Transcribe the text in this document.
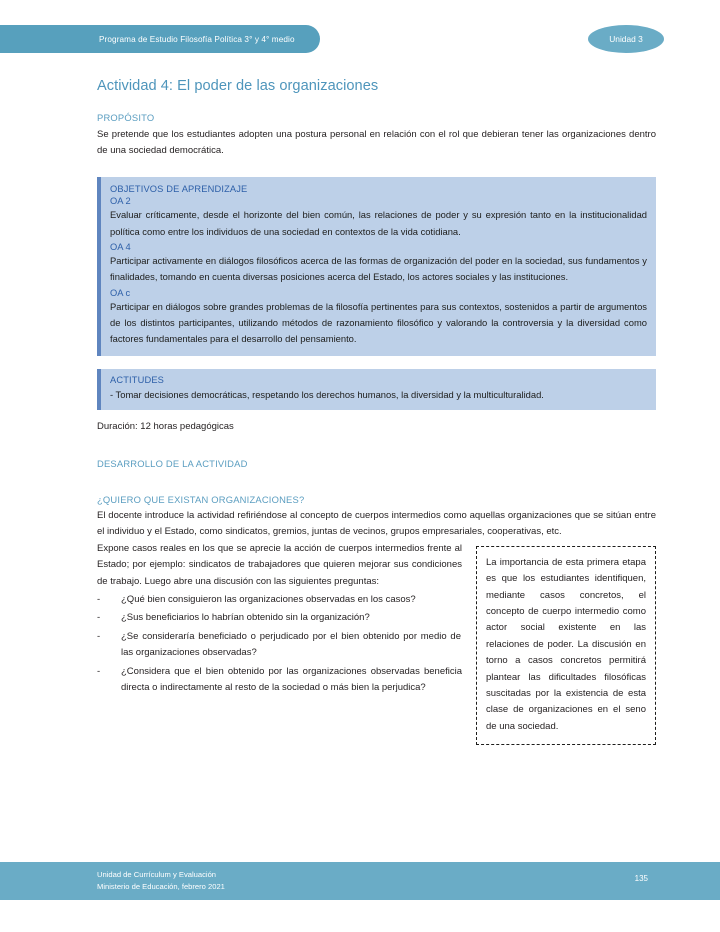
Programa de Estudio Filosofía Política 3° y 4° medio	Unidad 3
Actividad 4: El poder de las organizaciones
PROPÓSITO

Se pretende que los estudiantes adopten una postura personal en relación con el rol que debieran tener las organizaciones dentro de una sociedad democrática.

OBJETIVOS DE APRENDIZAJE
OA 2

Evaluar críticamente, desde el horizonte del bien común, las relaciones de poder y su expresión tanto en la institucionalidad política como entre los individuos de una sociedad en contextos de la vida cotidiana.

OA 4

Participar activamente en diálogos filosóficos acerca de las formas de organización del poder en la sociedad, sus fundamentos y finalidades, tomando en cuenta diversas posiciones acerca del Estado, los actores sociales y las instituciones.

OA c

Participar en diálogos sobre grandes problemas de la filosofía pertinentes para sus contextos, sostenidos a partir de argumentos de los distintos participantes, utilizando métodos de razonamiento filosófico y valorando la controversia y la diversidad como factores fundamentales para el desarrollo del pensamiento.

ACTITUDES

- Tomar decisiones democráticas, respetando los derechos humanos, la diversidad y la multiculturalidad.

Duración: 12 horas pedagógicas

DESARROLLO DE LA ACTIVIDAD
¿QUIERO QUE EXISTAN ORGANIZACIONES?

El docente introduce la actividad refiriéndose al concepto de cuerpos intermedios como aquellas organizaciones que se sitúan entre el individuo y el Estado, como sindicatos, gremios, juntas de vecinos, grupos empresariales, cooperativas, etc.

La importancia de esta primera etapa es que los estudiantes identifiquen, mediante casos concretos, el concepto de cuerpo intermedio como actor social existente en las relaciones de poder. La discusión en torno a casos concretos permitirá plantear las dificultades filosóficas suscitadas por la existencia de esta clase de organizaciones en el seno de una sociedad.

Expone casos reales en los que se aprecie la acción de cuerpos intermedios frente al Estado; por ejemplo: sindicatos de trabajadores que quieren mejorar sus condiciones de trabajo. Luego abre una discusión con las siguientes preguntas:

-	¿Qué bien consiguieron las organizaciones observadas en los casos?
-	¿Sus beneficiarios lo habrían obtenido sin la organización?
-	¿Se consideraría beneficiado o perjudicado por el bien obtenido por medio de las organizaciones observadas?
-	¿Considera que el bien obtenido por las organizaciones observadas beneficia directa o indirectamente al resto de la sociedad o más bien la perjudica?
Unidad de Currículum y Evaluación
Ministerio de Educación, febrero 2021
135
